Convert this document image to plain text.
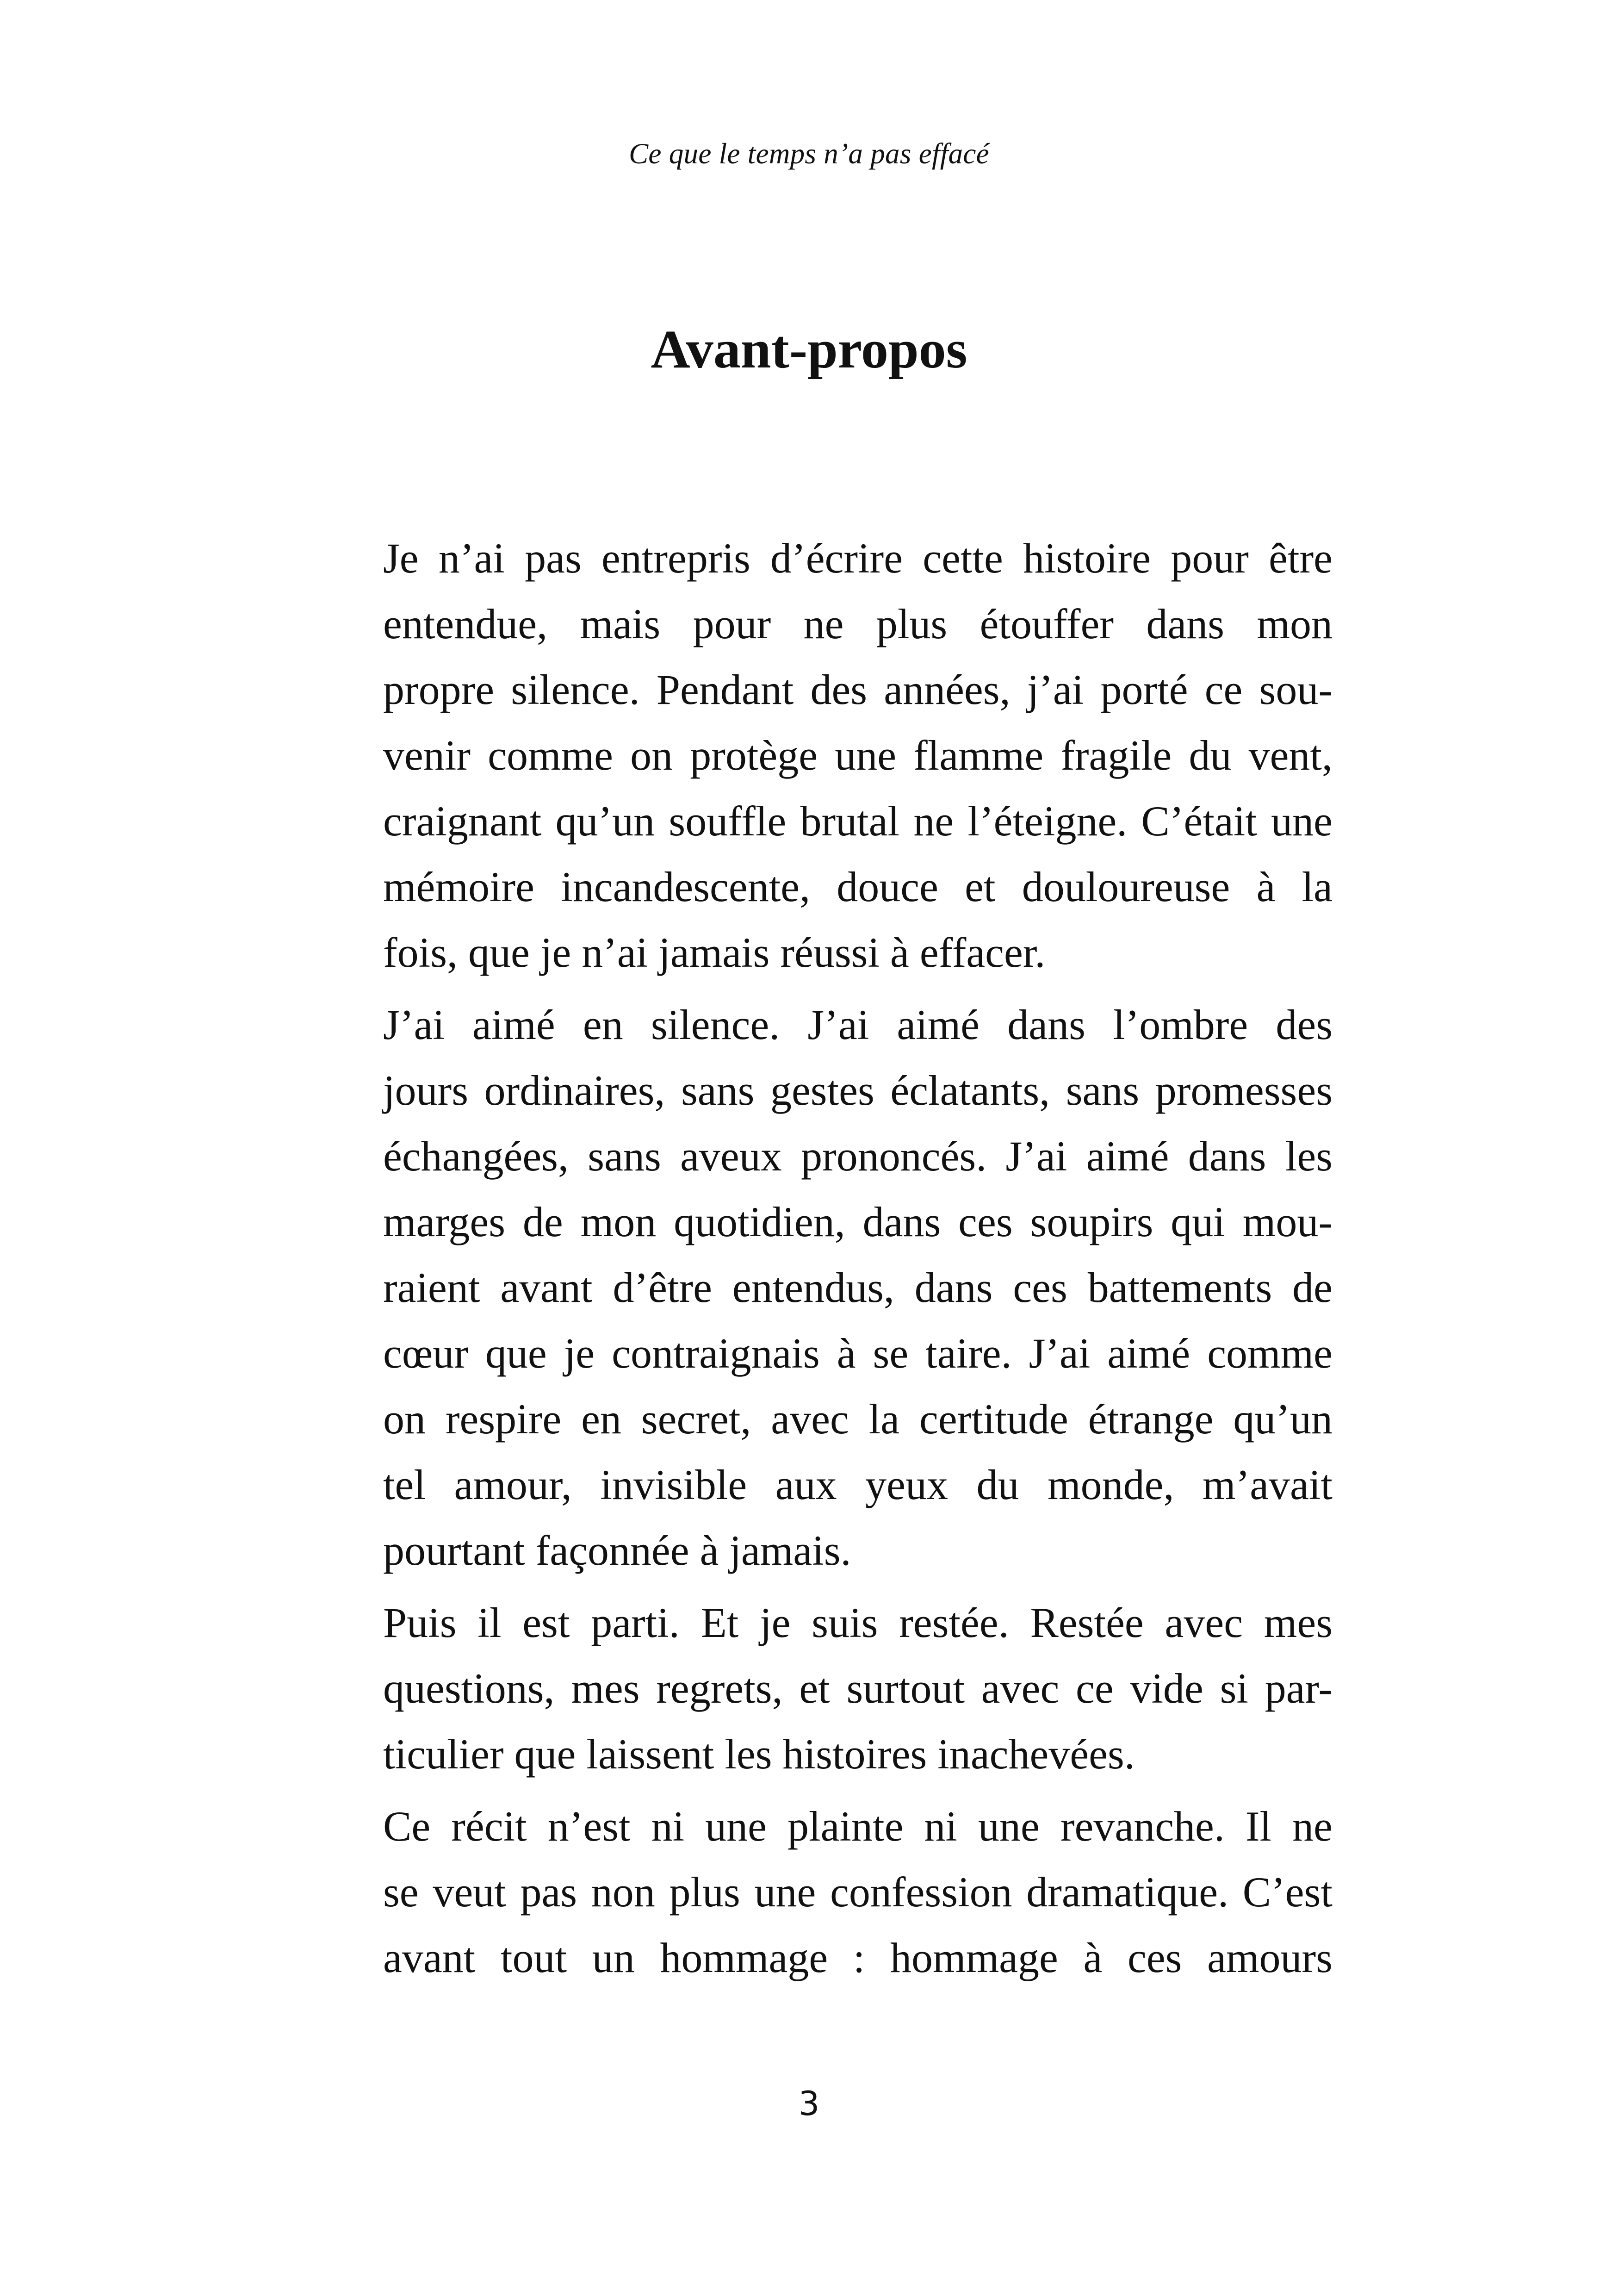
Ce que le temps n’a pas effacé
Avant-propos

Je n’ai pas entrepris d’écrire cette histoire pour être
entendue, mais pour ne plus étouffer dans mon
propre silence. Pendant des années, j’ai porté ce sou-
venir comme on protège une flamme fragile du vent,
craignant qu’un souffle brutal ne l’éteigne. C’était une
mémoire incandescente, douce et douloureuse à la
fois, que je n’ai jamais réussi à effacer.

J’ai aimé en silence. J’ai aimé dans l’ombre des
jours ordinaires, sans gestes éclatants, sans promesses
échangées, sans aveux prononcés. J’ai aimé dans les
marges de mon quotidien, dans ces soupirs qui mou-
raient avant d’être entendus, dans ces battements de
cœur que je contraignais à se taire. J’ai aimé comme
on respire en secret, avec la certitude étrange qu’un
tel amour, invisible aux yeux du monde, m’avait
pourtant façonnée à jamais.

Puis il est parti. Et je suis restée. Restée avec mes
questions, mes regrets, et surtout avec ce vide si par-
ticulier que laissent les histoires inachevées.

Ce récit n’est ni une plainte ni une revanche. Il ne
se veut pas non plus une confession dramatique. C’est
avant tout un hommage : hommage à ces amours

3
